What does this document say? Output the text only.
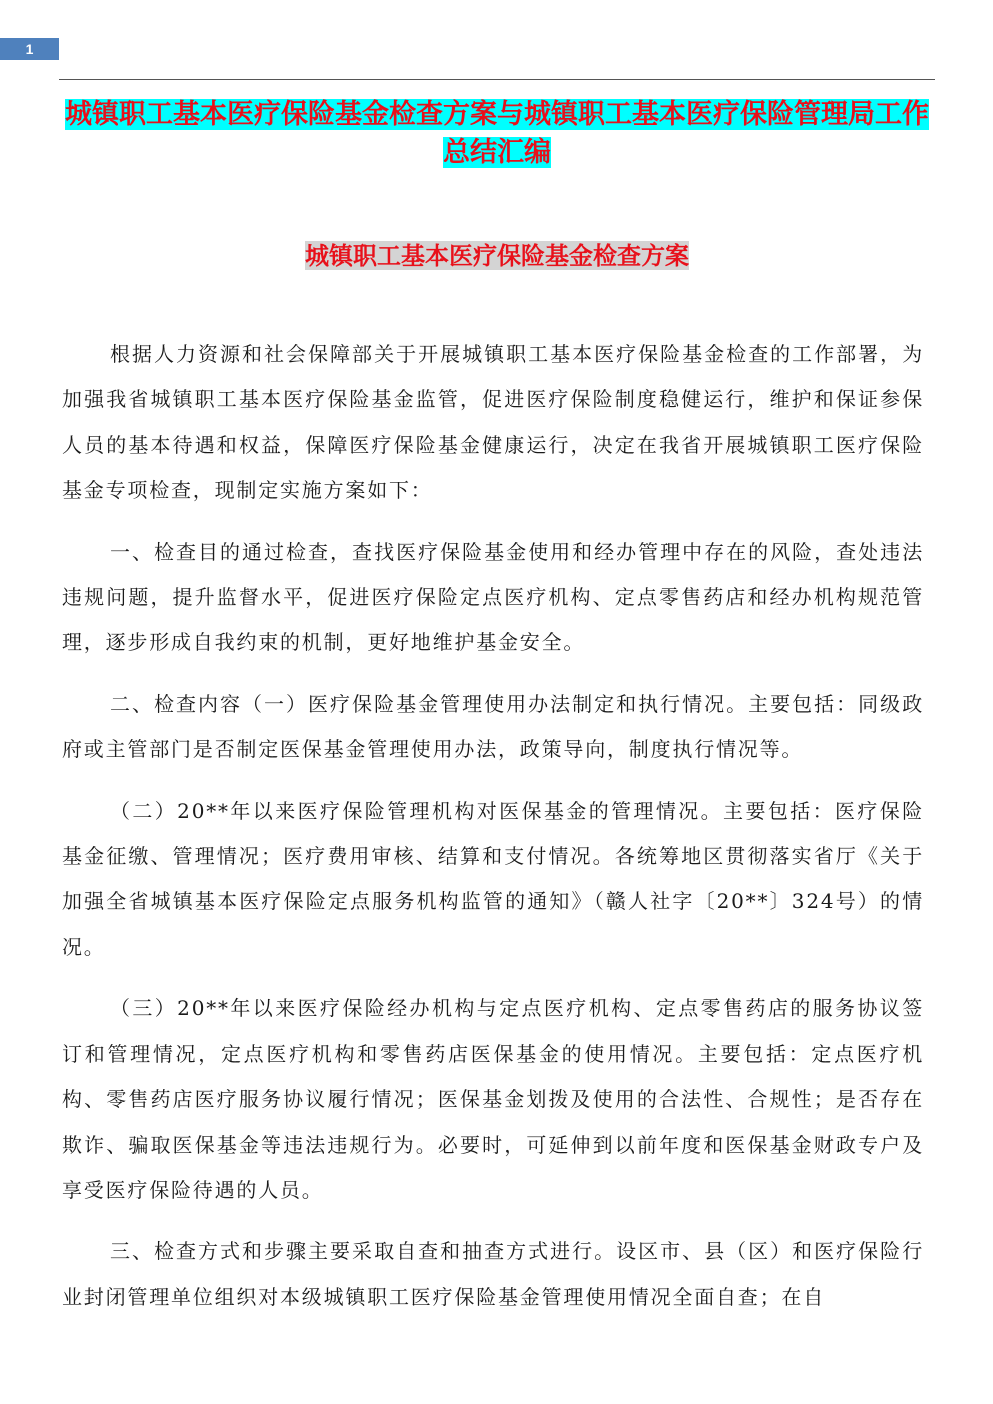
1
城镇职工基本医疗保险基金检查方案与城镇职工基本医疗保险管理局工作总结汇编
城镇职工基本医疗保险基金检查方案

根据人力资源和社会保障部关于开展城镇职工基本医疗保险基金检查的工作部署，为加强我省城镇职工基本医疗保险基金监管，促进医疗保险制度稳健运行，维护和保证参保人员的基本待遇和权益，保障医疗保险基金健康运行，决定在我省开展城镇职工医疗保险基金专项检查，现制定实施方案如下：

一、检查目的通过检查，查找医疗保险基金使用和经办管理中存在的风险，查处违法违规问题，提升监督水平，促进医疗保险定点医疗机构、定点零售药店和经办机构规范管理，逐步形成自我约束的机制，更好地维护基金安全。

二、检查内容（一）医疗保险基金管理使用办法制定和执行情况。主要包括：同级政府或主管部门是否制定医保基金管理使用办法，政策导向，制度执行情况等。

（二）20**年以来医疗保险管理机构对医保基金的管理情况。主要包括：医疗保险基金征缴、管理情况；医疗费用审核、结算和支付情况。各统筹地区贯彻落实省厅《关于加强全省城镇基本医疗保险定点服务机构监管的通知》（赣人社字〔20**〕324号）的情况。

（三）20**年以来医疗保险经办机构与定点医疗机构、定点零售药店的服务协议签订和管理情况，定点医疗机构和零售药店医保基金的使用情况。主要包括：定点医疗机构、零售药店医疗服务协议履行情况；医保基金划拨及使用的合法性、合规性；是否存在欺诈、骗取医保基金等违法违规行为。必要时，可延伸到以前年度和医保基金财政专户及享受医疗保险待遇的人员。

三、检查方式和步骤主要采取自查和抽查方式进行。设区市、县（区）和医疗保险行业封闭管理单位组织对本级城镇职工医疗保险基金管理使用情况全面自查；在自
